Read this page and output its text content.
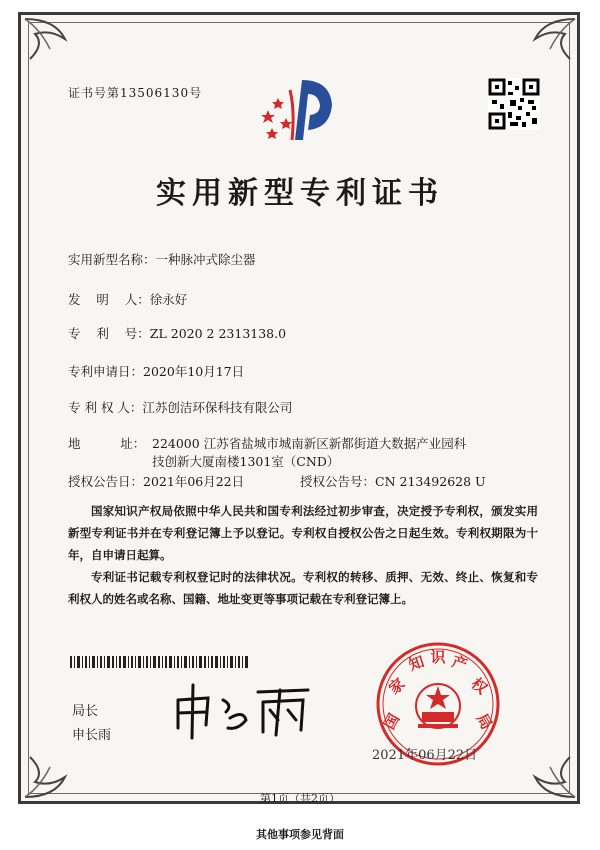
证书号第13506130号
实用新型专利证书
实用新型名称：一种脉冲式除尘器
发    明    人：徐永好
专    利    号：ZL 2020 2 2313138.0
专利申请日：2020年10月17日
专 利 权 人：江苏创洁环保科技有限公司
地          址： 224000 江苏省盐城市城南新区新都街道大数据产业园科
技创新大厦南楼1301室（CND）
授权公告日：2021年06月22日	授权公告号：CN 213492628 U
国家知识产权局依照中华人民共和国专利法经过初步审查，决定授予专利权，颁发实用新型专利证书并在专利登记簿上予以登记。专利权自授权公告之日起生效。专利权期限为十年，自申请日起算。
专利证书记载专利权登记时的法律状况。专利权的转移、质押、无效、终止、恢复和专利权人的姓名或名称、国籍、地址变更等事项记载在专利登记簿上。
局长
申长雨
国
家
知 识 产
权
局
2021年06月22日
第1页（共2页）
其他事项参见背面
